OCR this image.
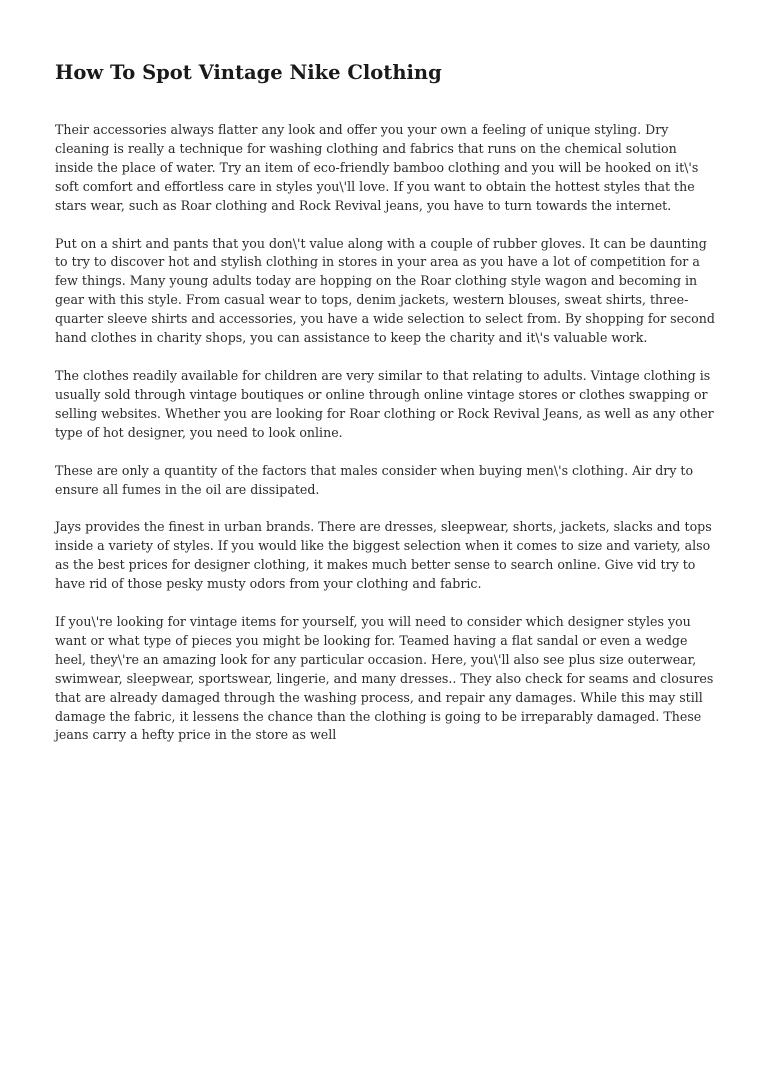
How To Spot Vintage Nike Clothing

Their accessories always flatter any look and offer you your own a feeling of unique styling. Dry cleaning is really a technique for washing clothing and fabrics that runs on the chemical solution inside the place of water. Try an item of eco-friendly bamboo clothing and you will be hooked on it\'s soft comfort and effortless care in styles you\'ll love. If you want to obtain the hottest styles that the stars wear, such as Roar clothing and Rock Revival jeans, you have to turn towards the internet.

Put on a shirt and pants that you don\'t value along with a couple of rubber gloves. It can be daunting to try to discover hot and stylish clothing in stores in your area as you have a lot of competition for a few things. Many young adults today are hopping on the Roar clothing style wagon and becoming in gear with this style. From casual wear to tops, denim jackets, western blouses, sweat shirts, three-quarter sleeve shirts and accessories, you have a wide selection to select from. By shopping for second hand clothes in charity shops, you can assistance to keep the charity and it\'s valuable work.

The clothes readily available for children are very similar to that relating to adults. Vintage clothing is usually sold through vintage boutiques or online through online vintage stores or clothes swapping or selling websites. Whether you are looking for Roar clothing or Rock Revival Jeans, as well as any other type of hot designer, you need to look online.

These are only a quantity of the factors that males consider when buying men\'s clothing. Air dry to ensure all fumes in the oil are dissipated.

Jays provides the finest in urban brands. There are dresses, sleepwear, shorts, jackets, slacks and tops inside a variety of styles. If you would like the biggest selection when it comes to size and variety, also as the best prices for designer clothing, it makes much better sense to search online. Give vid try to have rid of those pesky musty odors from your clothing and fabric.

If you\'re looking for vintage items for yourself, you will need to consider which designer styles you want or what type of pieces you might be looking for. Teamed having a flat sandal or even a wedge heel, they\'re an amazing look for any particular occasion. Here, you\'ll also see plus size outerwear, swimwear, sleepwear, sportswear, lingerie, and many dresses.. They also check for seams and closures that are already damaged through the washing process, and repair any damages. While this may still damage the fabric, it lessens the chance than the clothing is going to be irreparably damaged. These jeans carry a hefty price in the store as well
